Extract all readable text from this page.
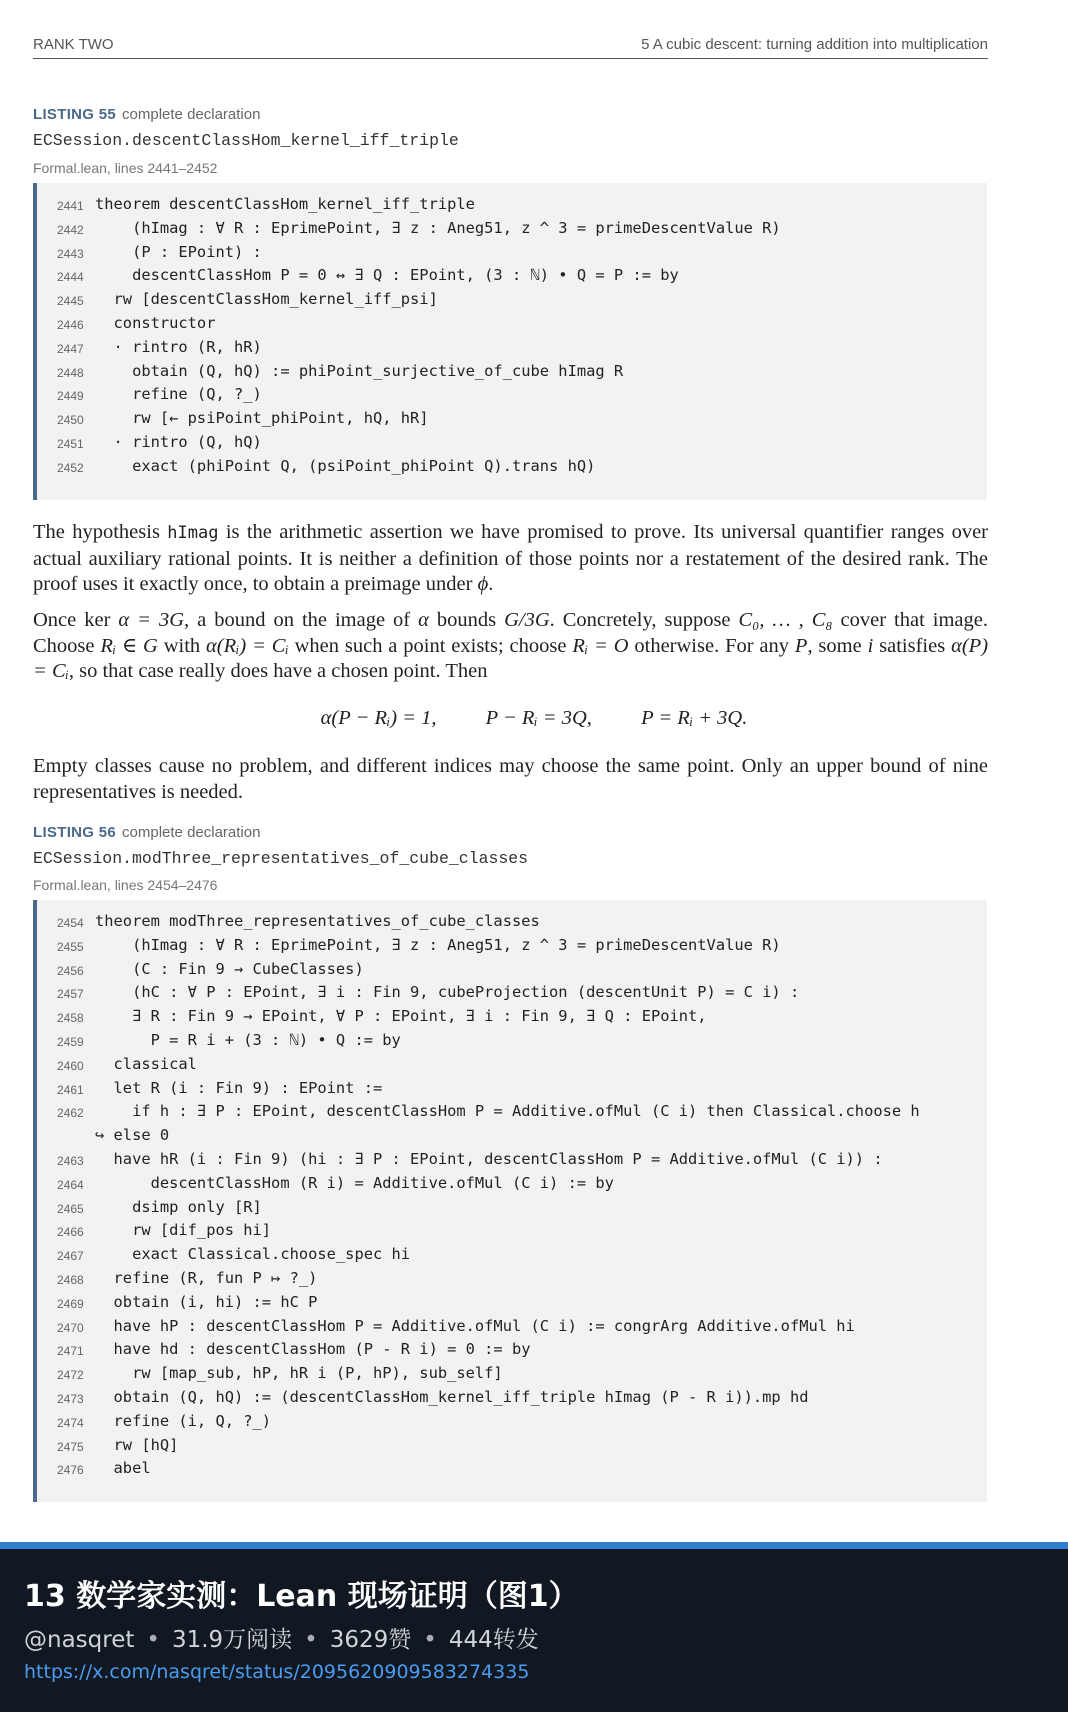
RANK TWO	5 A cubic descent: turning addition into multiplication
LISTING 55 complete declaration
ECSession.descentClassHom_kernel_iff_triple
Formal.lean, lines 2441–2452
2441 theorem descentClassHom_kernel_iff_triple
2442 (hImag : ∀ R : EprimePoint, ∃ z : Aneg51, z ^ 3 = primeDescentValue R)
2443 (P : EPoint) :
2444 descentClassHom P = 0 ↔ ∃ Q : EPoint, (3 : ℕ) • Q = P := by
2445 rw [descentClassHom_kernel_iff_psi]
2446 constructor
2447 · rintro (R, hR)
2448 obtain (Q, hQ) := phiPoint_surjective_of_cube hImag R
2449 refine (Q, ?_)
2450 rw [← psiPoint_phiPoint, hQ, hR]
2451 · rintro (Q, hQ)
2452 exact (phiPoint Q, (psiPoint_phiPoint Q).trans hQ)

The hypothesis hImag is the arithmetic assertion we have promised to prove. Its universal quantifier ranges over actual auxiliary rational points. It is neither a definition of those points nor a restatement of the desired rank. The proof uses it exactly once, to obtain a preimage under ϕ.

Once ker α = 3G, a bound on the image of α bounds G/3G. Concretely, suppose C₀, … , C₈ cover that image. Choose Rᵢ ∈ G with α(Rᵢ) = Cᵢ when such a point exists; choose Rᵢ = O otherwise. For any P, some i satisfies α(P) = Cᵢ, so that case really does have a chosen point. Then

α(P − Rᵢ) = 1, P − Rᵢ = 3Q, P = Rᵢ + 3Q.

Empty classes cause no problem, and different indices may choose the same point. Only an upper bound of nine representatives is needed.

LISTING 56 complete declaration
ECSession.modThree_representatives_of_cube_classes
Formal.lean, lines 2454–2476
2454 theorem modThree_representatives_of_cube_classes
2455 (hImag : ∀ R : EprimePoint, ∃ z : Aneg51, z ^ 3 = primeDescentValue R)
2456 (C : Fin 9 → CubeClasses)
2457 (hC : ∀ P : EPoint, ∃ i : Fin 9, cubeProjection (descentUnit P) = C i) :
2458 ∃ R : Fin 9 → EPoint, ∀ P : EPoint, ∃ i : Fin 9, ∃ Q : EPoint,
2459 P = R i + (3 : ℕ) • Q := by
2460 classical
2461 let R (i : Fin 9) : EPoint :=
2462 if h : ∃ P : EPoint, descentClassHom P = Additive.ofMul (C i) then Classical.choose h
↪ else 0
2463 have hR (i : Fin 9) (hi : ∃ P : EPoint, descentClassHom P = Additive.ofMul (C i)) :
2464 descentClassHom (R i) = Additive.ofMul (C i) := by
2465 dsimp only [R]
2466 rw [dif_pos hi]
2467 exact Classical.choose_spec hi
2468 refine (R, fun P ↦ ?_)
2469 obtain (i, hi) := hC P
2470 have hP : descentClassHom P = Additive.ofMul (C i) := congrArg Additive.ofMul hi
2471 have hd : descentClassHom (P - R i) = 0 := by
2472 rw [map_sub, hP, hR i (P, hP), sub_self]
2473 obtain (Q, hQ) := (descentClassHom_kernel_iff_triple hImag (P - R i)).mp hd
2474 refine (i, Q, ?_)
2475 rw [hQ]
2476 abel
13 数学家实测：Lean 现场证明（图1）
@nasqret • 31.9万阅读 • 3629赞 • 444转发
https://x.com/nasqret/status/2095620909583274335
